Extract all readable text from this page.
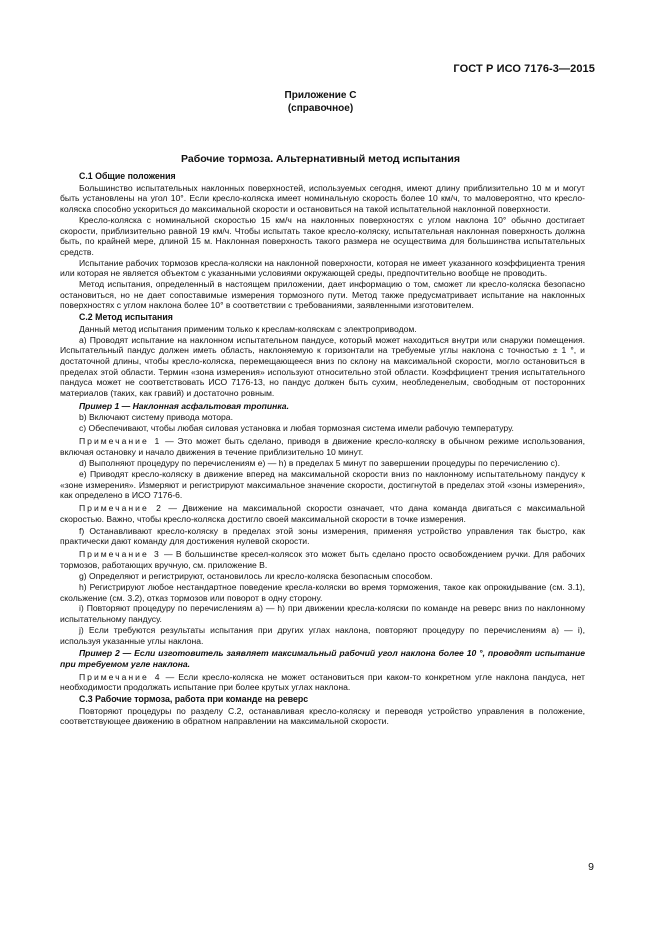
ГОСТ Р ИСО 7176-3—2015
Приложение С
(справочное)
Рабочие тормоза. Альтернативный метод испытания
С.1 Общие положения

Большинство испытательных наклонных поверхностей, используемых сегодня, имеют длину приблизительно 10 м и могут быть установлены на угол 10°. Если кресло-коляска имеет номинальную скорость более 10 км/ч, то маловероятно, что кресло-коляска способно ускориться до максимальной скорости и остановиться на такой испытательной наклонной поверхности.

Кресло-коляска с номинальной скоростью 15 км/ч на наклонных поверхностях с углом наклона 10° обычно достигает скорости, приблизительно равной 19 км/ч. Чтобы испытать такое кресло-коляску, испытательная наклонная поверхность должна быть, по крайней мере, длиной 15 м. Наклонная поверхность такого размера не осуществима для большинства испытательных средств.

Испытание рабочих тормозов кресла-коляски на наклонной поверхности, которая не имеет указанного коэффициента трения или которая не является объектом с указанными условиями окружающей среды, предпочтительно вообще не проводить.

Метод испытания, определенный в настоящем приложении, дает информацию о том, сможет ли кресло-коляска безопасно остановиться, но не дает сопоставимые измерения тормозного пути. Метод также предусматривает испытание на наклонных поверхностях с углом наклона более 10° в соответствии с требованиями, заявленными изготовителем.

С.2 Метод испытания

Данный метод испытания применим только к креслам-коляскам с электроприводом.

а) Проводят испытание на наклонном испытательном пандусе, который может находиться внутри или снаружи помещения. Испытательный пандус должен иметь область, наклоняемую к горизонтали на требуемые углы наклона с точностью ± 1 °, и достаточной длины, чтобы кресло-коляска, перемещающееся вниз по склону на максимальной скорости, могло остановиться в пределах этой области. Термин «зона измерения» используют относительно этой области. Коэффициент трения испытательного пандуса может не соответствовать ИСО 7176-13, но пандус должен быть сухим, необледенелым, свободным от посторонних материалов (таких, как гравий) и достаточно ровным.

Пример 1 — Наклонная асфальтовая тропинка.

b) Включают систему привода мотора.

с) Обеспечивают, чтобы любая силовая установка и любая тормозная система имели рабочую температуру.

Примечание 1 — Это может быть сделано, приводя в движение кресло-коляску в обычном режиме использования, включая остановку и начало движения в течение приблизительно 10 минут.

d) Выполняют процедуру по перечислениям е) — h) в пределах 5 минут по завершении процедуры по перечислению с).

е) Приводят кресло-коляску в движение вперед на максимальной скорости вниз по наклонному испытательному пандусу к «зоне измерения». Измеряют и регистрируют максимальное значение скорости, достигнутой в пределах этой «зоны измерения», как определено в ИСО 7176-6.

Примечание 2 — Движение на максимальной скорости означает, что дана команда двигаться с максимальной скоростью. Важно, чтобы кресло-коляска достигло своей максимальной скорости в точке измерения.

f) Останавливают кресло-коляску в пределах этой зоны измерения, применяя устройство управления так быстро, как практически дают команду для достижения нулевой скорости.

Примечание 3 — В большинстве кресел-колясок это может быть сделано просто освобождением ручки. Для рабочих тормозов, работающих вручную, см. приложение В.

g) Определяют и регистрируют, остановилось ли кресло-коляска безопасным способом.

h) Регистрируют любое нестандартное поведение кресла-коляски во время торможения, такое как опрокидывание (см. 3.1), скольжение (см. 3.2), отказ тормозов или поворот в одну сторону.

i) Повторяют процедуру по перечислениям а) — h) при движении кресла-коляски по команде на реверс вниз по наклонному испытательному пандусу.

j) Если требуются результаты испытания при других углах наклона, повторяют процедуру по перечислениям а) — i), используя указанные углы наклона.

Пример 2 — Если изготовитель заявляет максимальный рабочий угол наклона более 10 °, проводят испытание при требуемом угле наклона.

Примечание 4 — Если кресло-коляска не может остановиться при каком-то конкретном угле наклона пандуса, нет необходимости продолжать испытание при более крутых углах наклона.

С.3 Рабочие тормоза, работа при команде на реверс

Повторяют процедуры по разделу С.2, останавливая кресло-коляску и переводя устройство управления в положение, соответствующее движению в обратном направлении на максимальной скорости.

9
